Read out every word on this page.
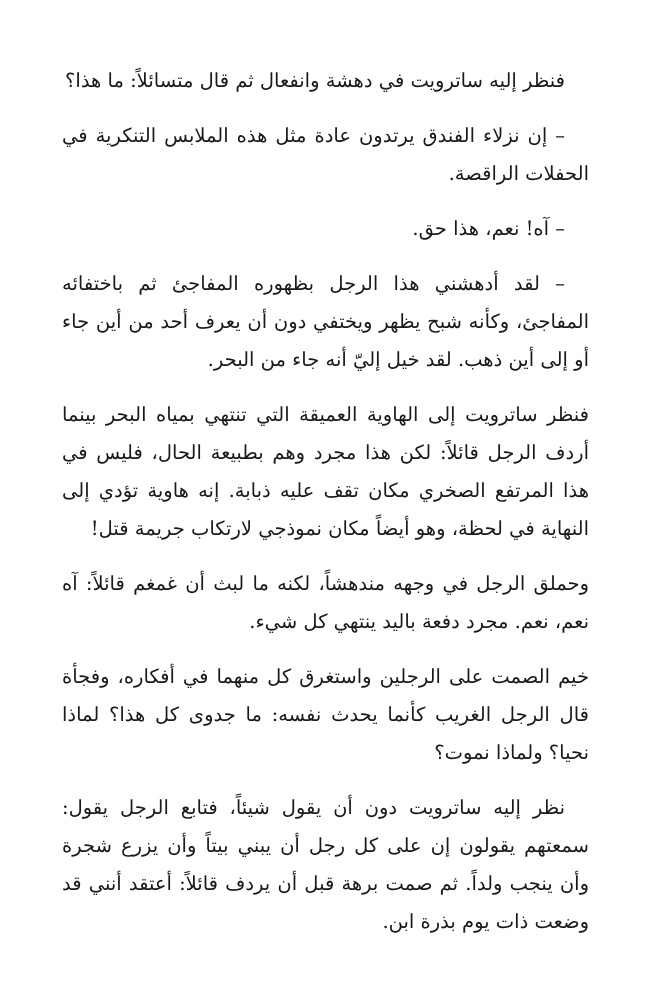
فنظر إليه ساترويت في دهشة وانفعال ثم قال متسائلاً: ما هذا؟

– إن نزلاء الفندق يرتدون عادة مثل هذه الملابس التنكرية في الحفلات الراقصة.

– آه! نعم، هذا حق.

– لقد أدهشني هذا الرجل بظهوره المفاجئ ثم باختفائه المفاجئ، وكأنه شبح يظهر ويختفي دون أن يعرف أحد من أين جاء أو إلى أين ذهب. لقد خيل إليّ أنه جاء من البحر.

فنظر ساترويت إلى الهاوية العميقة التي تنتهي بمياه البحر بينما أردف الرجل قائلاً: لكن هذا مجرد وهم بطبيعة الحال، فليس في هذا المرتفع الصخري مكان تقف عليه ذبابة. إنه هاوية تؤدي إلى النهاية في لحظة، وهو أيضاً مكان نموذجي لارتكاب جريمة قتل!

وحملق الرجل في وجهه مندهشاً، لكنه ما لبث أن غمغم قائلاً: آه نعم، نعم. مجرد دفعة باليد ينتهي كل شيء.

خيم الصمت على الرجلين واستغرق كل منهما في أفكاره، وفجأة قال الرجل الغريب كأنما يحدث نفسه: ما جدوى كل هذا؟ لماذا نحيا؟ ولماذا نموت؟

نظر إليه ساترويت دون أن يقول شيئاً، فتابع الرجل يقول: سمعتهم يقولون إن على كل رجل أن يبني بيتاً وأن يزرع شجرة وأن ينجب ولداً. ثم صمت برهة قبل أن يردف قائلاً: أعتقد أنني قد وضعت ذات يوم بذرة ابن.
